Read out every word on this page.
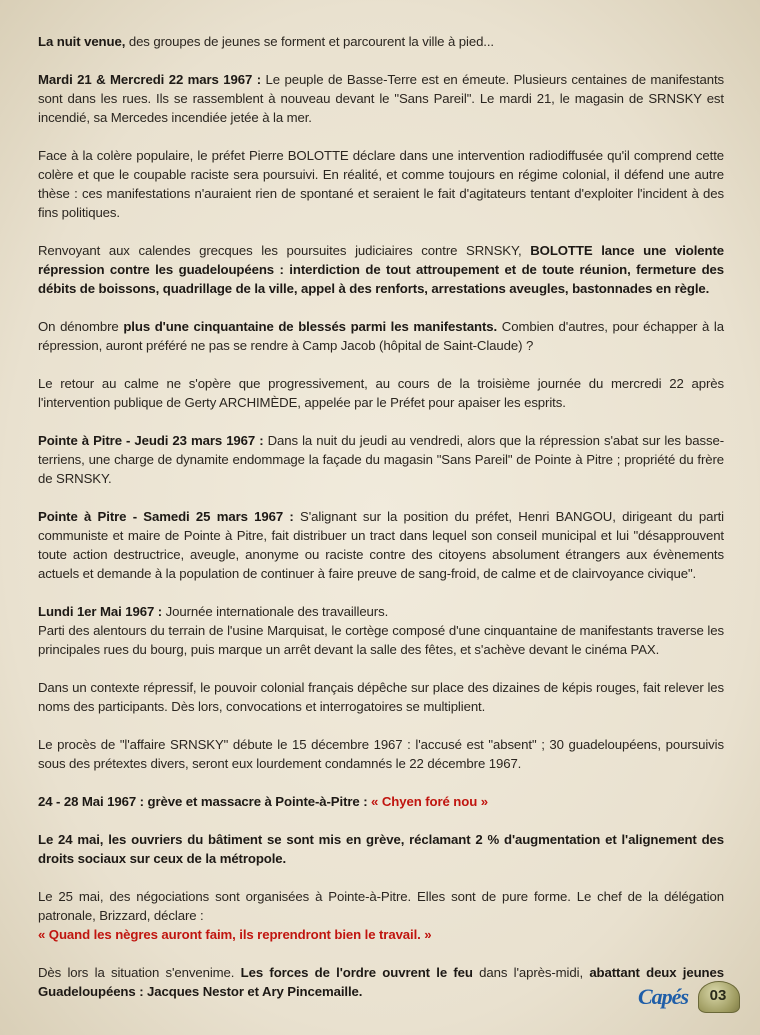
La nuit venue, des groupes de jeunes se forment et parcourent la ville à pied...

Mardi 21 & Mercredi 22 mars 1967 : Le peuple de Basse-Terre est en émeute. Plusieurs centaines de manifestants sont dans les rues. Ils se rassemblent à nouveau devant le "Sans Pareil". Le mardi 21, le magasin de SRNSKY est incendié, sa Mercedes incendiée jetée à la mer.

Face à la colère populaire, le préfet Pierre BOLOTTE déclare dans une intervention radiodiffusée qu'il comprend cette colère et que le coupable raciste sera poursuivi. En réalité, et comme toujours en régime colonial, il défend une autre thèse : ces manifestations n'auraient rien de spontané et seraient le fait d'agitateurs tentant d'exploiter l'incident à des fins politiques.

Renvoyant aux calendes grecques les poursuites judiciaires contre SRNSKY, BOLOTTE lance une violente répression contre les guadeloupéens : interdiction de tout attroupement et de toute réunion, fermeture des débits de boissons, quadrillage de la ville, appel à des renforts, arrestations aveugles, bastonnades en règle.

On dénombre plus d'une cinquantaine de blessés parmi les manifestants. Combien d'autres, pour échapper à la répression, auront préféré ne pas se rendre à Camp Jacob (hôpital de Saint-Claude) ?

Le retour au calme ne s'opère que progressivement, au cours de la troisième journée du mercredi 22 après l'intervention publique de Gerty ARCHIMÈDE, appelée par le Préfet pour apaiser les esprits.

Pointe à Pitre - Jeudi 23 mars 1967 : Dans la nuit du jeudi au vendredi, alors que la répression s'abat sur les basse-terriens, une charge de dynamite endommage la façade du magasin "Sans Pareil" de Pointe à Pitre ; propriété du frère de SRNSKY.

Pointe à Pitre - Samedi 25 mars 1967 : S'alignant sur la position du préfet, Henri BANGOU, dirigeant du parti communiste et maire de Pointe à Pitre, fait distribuer un tract dans lequel son conseil municipal et lui "désapprouvent toute action destructrice, aveugle, anonyme ou raciste contre des citoyens absolument étrangers aux évènements actuels et demande à la population de continuer à faire preuve de sang-froid, de calme et de clairvoyance civique".

Lundi 1er Mai 1967 : Journée internationale des travailleurs.
Parti des alentours du terrain de l'usine Marquisat, le cortège composé d'une cinquantaine de manifestants traverse les principales rues du bourg, puis marque un arrêt devant la salle des fêtes, et s'achève devant le cinéma PAX.

Dans un contexte répressif, le pouvoir colonial français dépêche sur place des dizaines de képis rouges, fait relever les noms des participants. Dès lors, convocations et interrogatoires se multiplient.

Le procès de "l'affaire SRNSKY" débute le 15 décembre 1967 : l'accusé est "absent" ; 30 guadeloupéens, poursuivis sous des prétextes divers, seront eux lourdement condamnés le 22 décembre 1967.

24 - 28 Mai 1967 : grève et massacre à Pointe-à-Pitre : « Chyen foré nou »

Le 24 mai, les ouvriers du bâtiment se sont mis en grève, réclamant 2 % d'augmentation et l'alignement des droits sociaux sur ceux de la métropole.

Le 25 mai, des négociations sont organisées à Pointe-à-Pitre. Elles sont de pure forme. Le chef de la délégation patronale, Brizzard, déclare :
« Quand les nègres auront faim, ils reprendront bien le travail. »

Dès lors la situation s'envenime. Les forces de l'ordre ouvrent le feu dans l'après-midi, abattant deux jeunes Guadeloupéens : Jacques Nestor et Ary Pincemaille.	Capés	03
